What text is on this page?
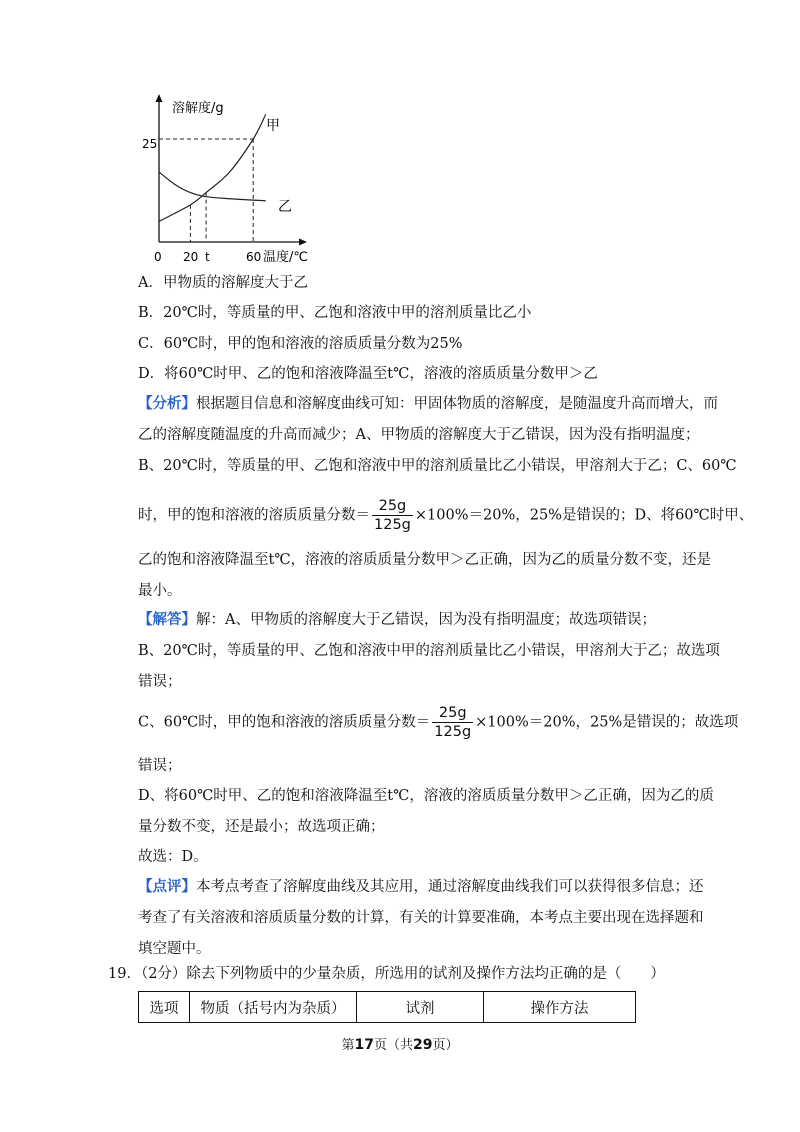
溶解度/g
25
0 20 t	60 温度/℃
甲
乙
A．甲物质的溶解度大于乙
B．20℃时，等质量的甲、乙饱和溶液中甲的溶剂质量比乙小
C．60℃时，甲的饱和溶液的溶质质量分数为25%
D．将60℃时甲、乙的饱和溶液降温至t℃，溶液的溶质质量分数甲＞乙
【分析】根据题目信息和溶解度曲线可知：甲固体物质的溶解度，是随温度升高而增大，而
乙的溶解度随温度的升高而减少；A、甲物质的溶解度大于乙错误，因为没有指明温度；
B、20℃时，等质量的甲、乙饱和溶液中甲的溶剂质量比乙小错误，甲溶剂大于乙；C、60℃
时，甲的饱和溶液的溶质质量分数＝ $\frac{25g}{125g} \times 100\%=20\%$，25%是错误的；D、将60℃时甲、
乙的饱和溶液降温至t℃，溶液的溶质质量分数甲＞乙正确，因为乙的质量分数不变，还是
最小。
【解答】解：A、甲物质的溶解度大于乙错误，因为没有指明温度；故选项错误；
B、20℃时，等质量的甲、乙饱和溶液中甲的溶剂质量比乙小错误，甲溶剂大于乙；故选项
错误；
C、60℃时，甲的饱和溶液的溶质质量分数＝ $\frac{25g}{125g} \times 100\%=20\%$，25%是错误的；故选项
错误；
D、将60℃时甲、乙的饱和溶液降温至t℃，溶液的溶质质量分数甲＞乙正确，因为乙的质
量分数不变，还是最小；故选项正确；
故选：D。
【点评】本考点考查了溶解度曲线及其应用，通过溶解度曲线我们可以获得很多信息；还
考查了有关溶液和溶质质量分数的计算，有关的计算要准确，本考点主要出现在选择题和
填空题中。
19．（2分）除去下列物质中的少量杂质，所选用的试剂及操作方法均正确的是（　　）
选项	物质（括号内为杂质）	试剂	操作方法
第17页（共29页）
